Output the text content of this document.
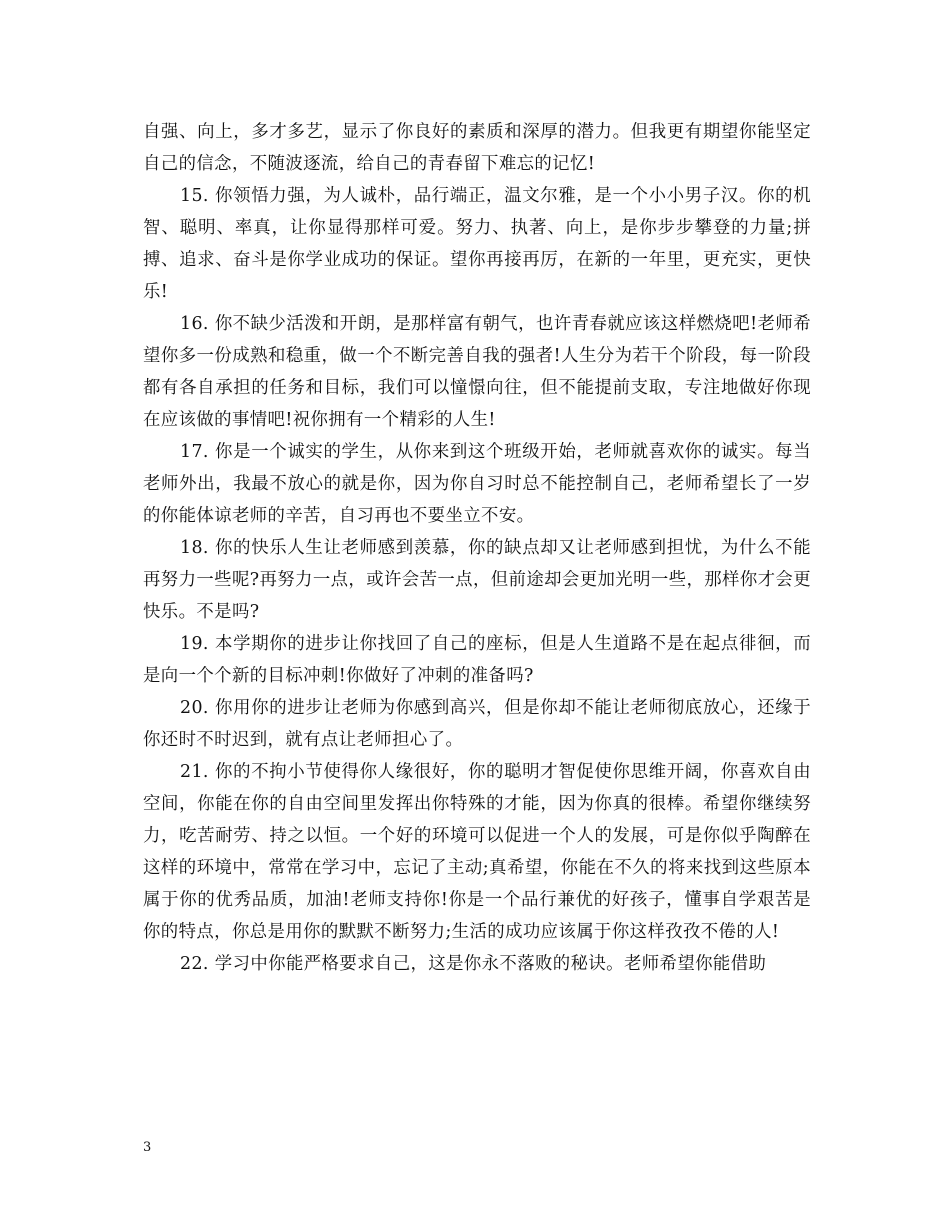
自强、向上，多才多艺，显示了你良好的素质和深厚的潜力。但我更有期望你能坚定自己的信念，不随波逐流，给自己的青春留下难忘的记忆!

15. 你领悟力强，为人诚朴，品行端正，温文尔雅，是一个小小男子汉。你的机智、聪明、率真，让你显得那样可爱。努力、执著、向上，是你步步攀登的力量;拼搏、追求、奋斗是你学业成功的保证。望你再接再厉，在新的一年里，更充实，更快乐!

16. 你不缺少活泼和开朗，是那样富有朝气，也许青春就应该这样燃烧吧!老师希望你多一份成熟和稳重，做一个不断完善自我的强者!人生分为若干个阶段，每一阶段都有各自承担的任务和目标，我们可以憧憬向往，但不能提前支取，专注地做好你现在应该做的事情吧!祝你拥有一个精彩的人生!

17. 你是一个诚实的学生，从你来到这个班级开始，老师就喜欢你的诚实。每当老师外出，我最不放心的就是你，因为你自习时总不能控制自己，老师希望长了一岁的你能体谅老师的辛苦，自习再也不要坐立不安。

18. 你的快乐人生让老师感到羡慕，你的缺点却又让老师感到担忧，为什么不能再努力一些呢?再努力一点，或许会苦一点，但前途却会更加光明一些，那样你才会更快乐。不是吗?

19. 本学期你的进步让你找回了自己的座标，但是人生道路不是在起点徘徊，而是向一个个新的目标冲刺!你做好了冲刺的准备吗?

20. 你用你的进步让老师为你感到高兴，但是你却不能让老师彻底放心，还缘于你还时不时迟到，就有点让老师担心了。

21. 你的不拘小节使得你人缘很好，你的聪明才智促使你思维开阔，你喜欢自由空间，你能在你的自由空间里发挥出你特殊的才能，因为你真的很棒。希望你继续努力，吃苦耐劳、持之以恒。一个好的环境可以促进一个人的发展，可是你似乎陶醉在这样的环境中，常常在学习中，忘记了主动;真希望，你能在不久的将来找到这些原本属于你的优秀品质，加油!老师支持你!你是一个品行兼优的好孩子，懂事自学艰苦是你的特点，你总是用你的默默不断努力;生活的成功应该属于你这样孜孜不倦的人!

22. 学习中你能严格要求自己，这是你永不落败的秘诀。老师希望你能借助

3
